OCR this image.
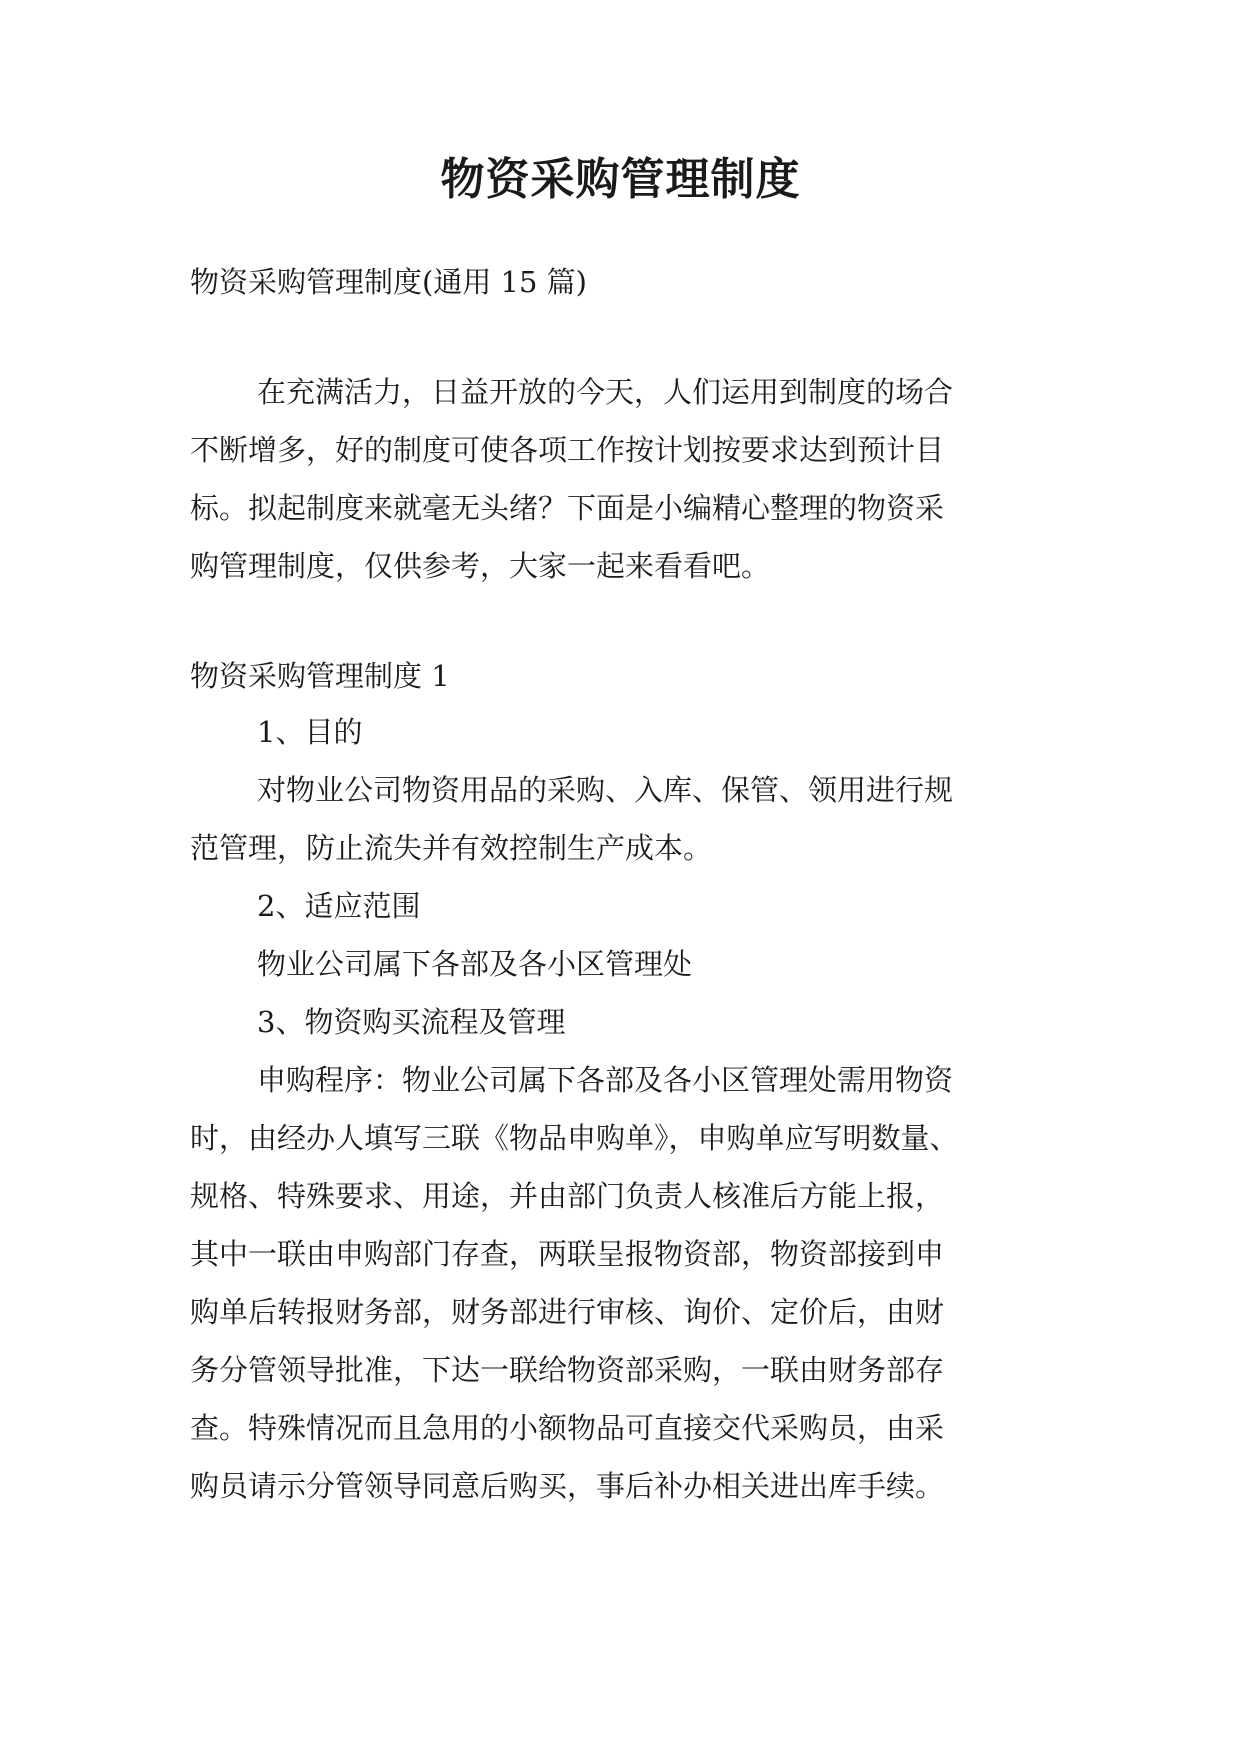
物资采购管理制度

物资采购管理制度(通用 15 篇)

在充满活力，日益开放的今天，人们运用到制度的场合

不断增多，好的制度可使各项工作按计划按要求达到预计目

标。拟起制度来就毫无头绪？下面是小编精心整理的物资采

购管理制度，仅供参考，大家一起来看看吧。

物资采购管理制度 1

1、目的

对物业公司物资用品的采购、入库、保管、领用进行规

范管理，防止流失并有效控制生产成本。

2、适应范围

物业公司属下各部及各小区管理处

3、物资购买流程及管理

申购程序：物业公司属下各部及各小区管理处需用物资

时，由经办人填写三联《物品申购单》，申购单应写明数量、

规格、特殊要求、用途，并由部门负责人核准后方能上报，

其中一联由申购部门存查，两联呈报物资部，物资部接到申

购单后转报财务部，财务部进行审核、询价、定价后，由财

务分管领导批准，下达一联给物资部采购，一联由财务部存

查。特殊情况而且急用的小额物品可直接交代采购员，由采

购员请示分管领导同意后购买，事后补办相关进出库手续。
